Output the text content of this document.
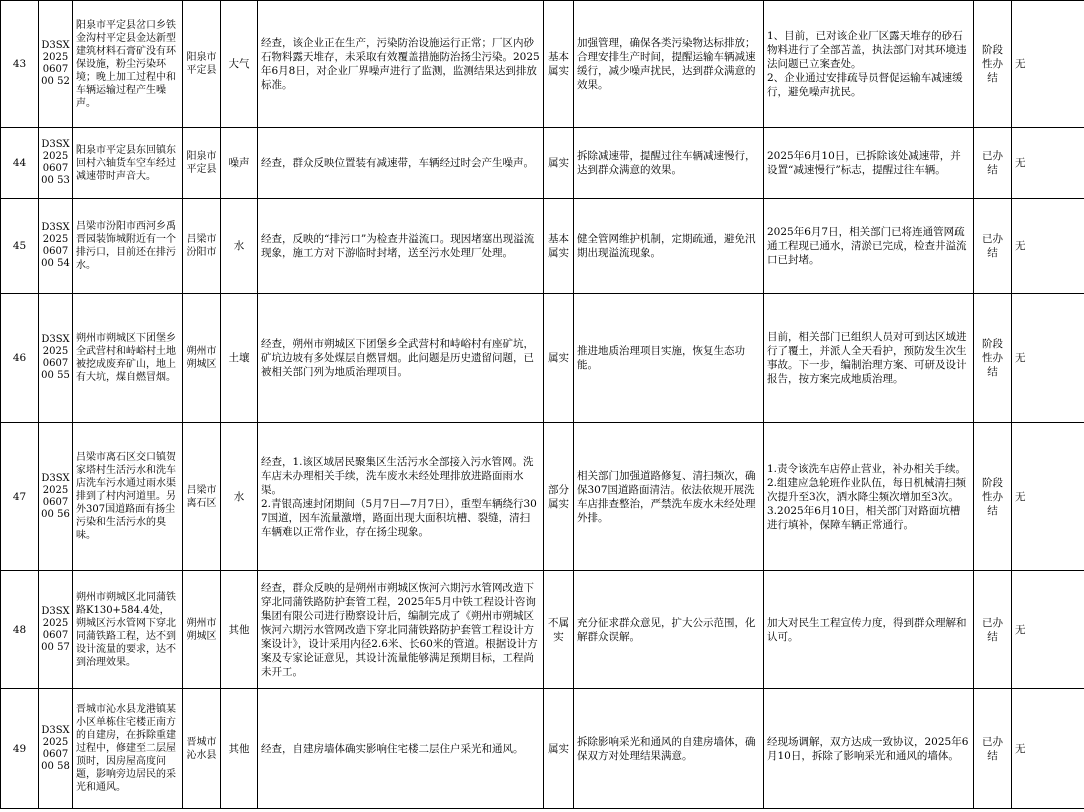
43	D3SX2025060700 52	阳泉市平定县岔口乡铁金沟村平定县金达新型建筑材料石膏矿没有环保设施，粉尘污染环境；晚上加工过程中和车辆运输过程产生噪声。	阳泉市平定县	大气	经查，该企业正在生产，污染防治设施运行正常；厂区内砂石物料露天堆存，未采取有效覆盖措施防治扬尘污染。2025年6月8日，对企业厂界噪声进行了监测，监测结果达到排放标准。	基本属实	加强管理，确保各类污染物达标排放；合理安排生产时间，提醒运输车辆减速缓行，减少噪声扰民，达到群众满意的效果。	1、目前，已对该企业厂区露天堆存的砂石物料进行了全部苫盖，执法部门对其环境违法问题已立案查处。
2、企业通过安排疏导员督促运输车减速缓行，避免噪声扰民。	阶段性办结	无
44	D3SX2025060700 53	阳泉市平定县东回镇东回村六轴货车空车经过减速带时声音大。	阳泉市平定县	噪声	经查，群众反映位置装有减速带，车辆经过时会产生噪声。	属实	拆除减速带，提醒过往车辆减速慢行，达到群众满意的效果。	2025年6月10日，已拆除该处减速带，并设置“减速慢行”标志，提醒过往车辆。	已办结	无
45	D3SX2025060700 54	吕梁市汾阳市西河乡禹晋园装饰城附近有一个排污口，目前还在排污水。	吕梁市汾阳市	水	经查，反映的“排污口”为检查井溢流口。现因堵塞出现溢流现象，施工方对下游临时封堵，送至污水处理厂处理。	基本属实	健全管网维护机制，定期疏通，避免汛期出现溢流现象。	2025年6月7日，相关部门已将连通管网疏通工程现已通水，清淤已完成，检查井溢流口已封堵。	已办结	无
46	D3SX2025060700 55	朔州市朔城区下团堡乡全武营村和峙峪村土地被挖成废弃矿山，地上有大坑，煤自燃冒烟。	朔州市朔城区	土壤	经查，朔州市朔城区下团堡乡全武营村和峙峪村有座矿坑，矿坑边坡有多处煤层自燃冒烟。此问题是历史遗留问题，已被相关部门列为地质治理项目。	属实	推进地质治理项目实施，恢复生态功能。	目前，相关部门已组织人员对可到达区域进行了覆土，并派人全天看护，预防发生次生事故。下一步，编制治理方案、可研及设计报告，按方案完成地质治理。	阶段性办结	无
47	D3SX2025060700 56	吕梁市离石区交口镇贺家塔村生活污水和洗车店洗车污水通过雨水渠排到了村内河道里。另外307国道路面有扬尘污染和生活污水的臭味。	吕梁市离石区	水	经查，1.该区域居民聚集区生活污水全部接入污水管网。洗车店未办理相关手续，洗车废水未经处理排放进路面雨水渠。
2.青银高速封闭期间（5月7日—7月7日），重型车辆绕行307国道，因车流量激增，路面出现大面积坑槽、裂缝，清扫车辆难以正常作业，存在扬尘现象。	部分属实	相关部门加强道路修复、清扫频次，确保307国道路面清洁。依法依规开展洗车店排查整治，严禁洗车废水未经处理外排。	1.责令该洗车店停止营业，补办相关手续。
2.组建应急轮班作业队伍，每日机械清扫频次提升至3次，洒水降尘频次增加至3次。
3.2025年6月10日，相关部门对路面坑槽进行填补，保障车辆正常通行。	阶段性办结	无
48	D3SX2025060700 57	朔州市朔城区北同蒲铁路K130+584.4处，朔城区污水管网下穿北同蒲铁路工程，达不到设计流量的要求，达不到治理效果。	朔州市朔城区	其他	经查，群众反映的是朔州市朔城区恢河六期污水管网改造下穿北同蒲铁路防护套管工程，2025年5月中铁工程设计咨询集团有限公司进行勘察设计后，编制完成了《朔州市朔城区恢河六期污水管网改造下穿北同蒲铁路防护套管工程设计方案设计》，设计采用内径2.6米、长60米的管道。根据设计方案及专家论证意见，其设计流量能够满足预期目标，工程尚未开工。	不属实	充分征求群众意见，扩大公示范围，化解群众误解。	加大对民生工程宣传力度，得到群众理解和认可。	已办结	无
49	D3SX2025060700 58	晋城市沁水县龙港镇某小区单栋住宅楼正南方的自建房，在拆除重建过程中，修建至二层屋顶时，因房屋高度问题，影响旁边居民的采光和通风。	晋城市沁水县	其他	经查，自建房墙体确实影响住宅楼二层住户采光和通风。	属实	拆除影响采光和通风的自建房墙体，确保双方对处理结果满意。	经现场调解，双方达成一致协议，2025年6月10日，拆除了影响采光和通风的墙体。	已办结	无
